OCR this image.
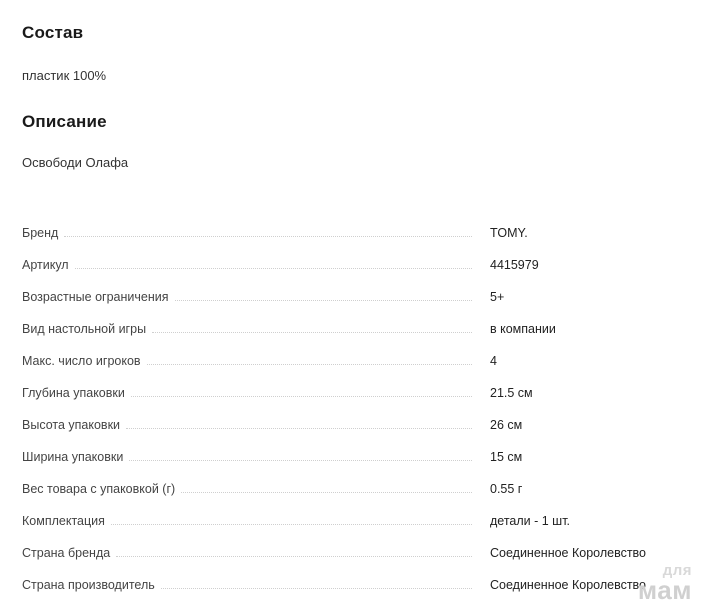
Состав
пластик 100%
Описание
Освободи Олафа
Бренд	TOMY.

Артикул	4415979

Возрастные ограничения	5+

Вид настольной игры	в компании

Макс. число игроков	4

Глубина упаковки	21.5 см

Высота упаковки	26 см

Ширина упаковки	15 см

Вес товара с упаковкой (г)	0.55 г

Комплектация	детали - 1 шт.

Страна бренда	Соединенное Королевство

Страна производитель	Соединенное Королевство
для
мам
